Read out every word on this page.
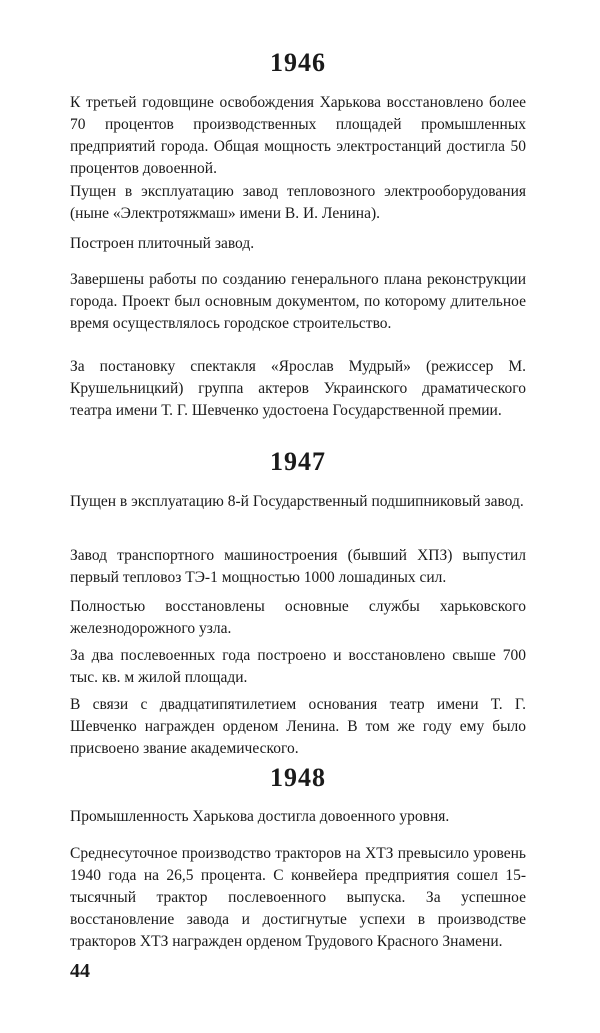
1946

К третьей годовщине освобождения Харькова восстановлено более 70 процентов производственных площадей промышленных предприятий города. Общая мощность электростанций достигла 50 процентов довоенной.

Пущен в эксплуатацию завод тепловозного электрооборудования (ныне «Электротяжмаш» имени В. И. Ленина).

Построен плиточный завод.

Завершены работы по созданию генерального плана реконструкции города. Проект был основным документом, по которому длительное время осуществлялось городское строительство.

За постановку спектакля «Ярослав Мудрый» (режиссер М. Крушельницкий) группа актеров Украинского драматического театра имени Т. Г. Шевченко удостоена Государственной премии.

1947

Пущен в эксплуатацию 8-й Государственный подшипниковый завод.

Завод транспортного машиностроения (бывший ХПЗ) выпустил первый тепловоз ТЭ-1 мощностью 1000 лошадиных сил.

Полностью восстановлены основные службы харьковского железнодорожного узла.

За два послевоенных года построено и восстановлено свыше 700 тыс. кв. м жилой площади.

В связи с двадцатипятилетием основания театр имени Т. Г. Шевченко награжден орденом Ленина. В том же году ему было присвоено звание академического.

1948

Промышленность Харькова достигла довоенного уровня.

Среднесуточное производство тракторов на ХТЗ превысило уровень 1940 года на 26,5 процента. С конвейера предприятия сошел 15-тысячный трактор послевоенного выпуска. За успешное восстановление завода и достигнутые успехи в производстве тракторов ХТЗ награжден орденом Трудового Красного Знамени.

44
